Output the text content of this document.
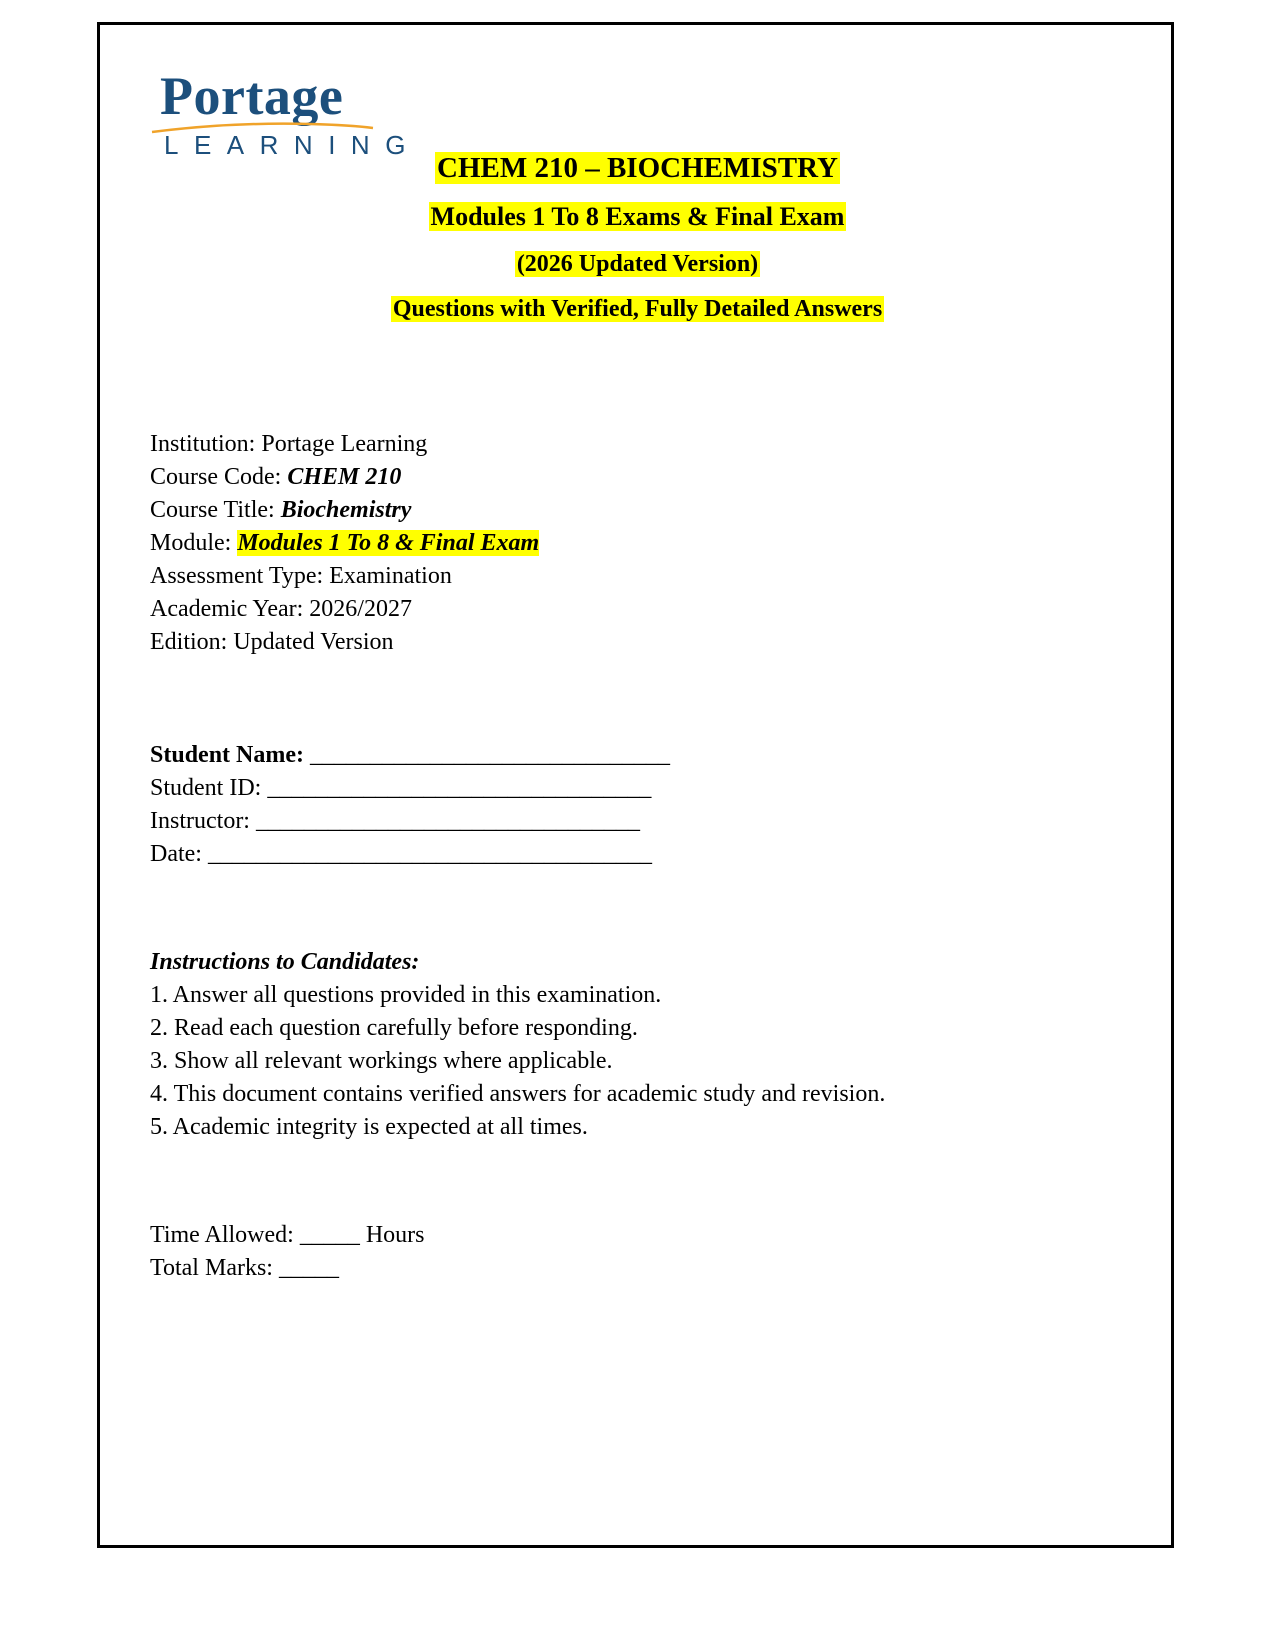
Portage
LEARNING
CHEM 210 – BIOCHEMISTRY
Modules 1 To 8 Exams & Final Exam
(2026 Updated Version)
Questions with Verified, Fully Detailed Answers
Institution: Portage Learning
Course Code: CHEM 210
Course Title: Biochemistry
Module: Modules 1 To 8 & Final Exam
Assessment Type: Examination
Academic Year: 2026/2027
Edition: Updated Version
Student Name: ______________________________
Student ID: ________________________________
Instructor: ________________________________
Date: _____________________________________
Instructions to Candidates:
1. Answer all questions provided in this examination.
2. Read each question carefully before responding.
3. Show all relevant workings where applicable.
4. This document contains verified answers for academic study and revision.
5. Academic integrity is expected at all times.
Time Allowed: _____ Hours
Total Marks: _____
